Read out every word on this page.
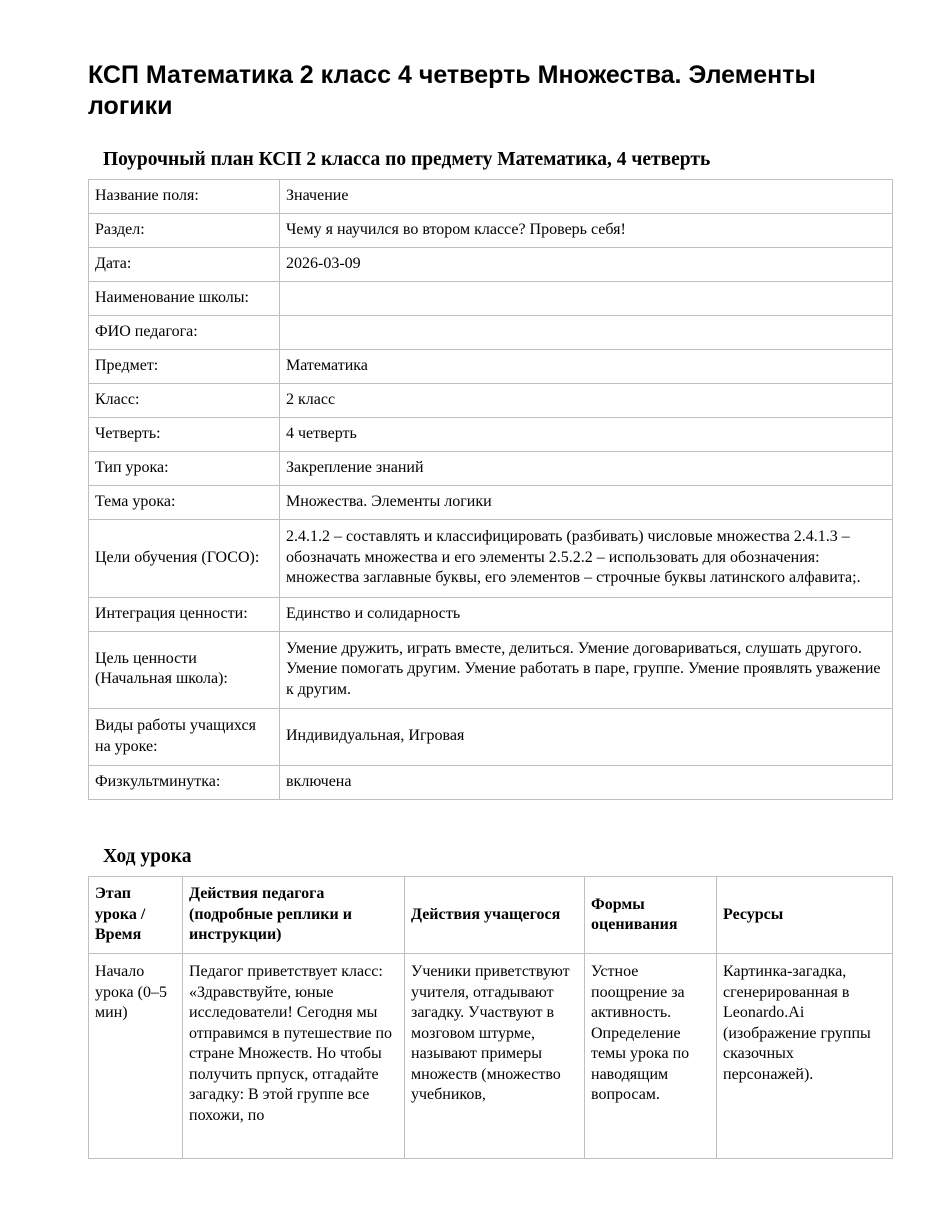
КСП Математика 2 класс 4 четверть Множества. Элементы логики
Поурочный план КСП 2 класса по предмету Математика, 4 четверть
Название поля:	Значение
Раздел:	Чему я научился во втором классе? Проверь себя!
Дата:	2026-03-09
Наименование школы:	
ФИО педагога:	
Предмет:	Математика
Класс:	2 класс
Четверть:	4 четверть
Тип урока:	Закрепление знаний
Тема урока:	Множества. Элементы логики
Цели обучения (ГОСО):	2.4.1.2 – составлять и классифицировать (разбивать) числовые множества 2.4.1.3 – обозначать множества и его элементы 2.5.2.2 – использовать для обозначения: множества заглавные буквы, его элементов – строчные буквы латинского алфавита;.
Интеграция ценности:	Единство и солидарность
Цель ценности (Начальная школа):	Умение дружить, играть вместе, делиться. Умение договариваться, слушать другого. Умение помогать другим. Умение работать в паре, группе. Умение проявлять уважение к другим.
Виды работы учащихся на уроке:	Индивидуальная, Игровая
Физкультминутка:	включена
Ход урока
Этап урока / Время	Действия педагога (подробные реплики и инструкции)	Действия учащегося	Формы оценивания	Ресурсы

Начало урока (0–5 мин)	Педагог приветствует класс: «Здравствуйте, юные исследователи! Сегодня мы отправимся в путешествие по стране Множеств. Но чтобы получить прпуск, отгадайте загадку: В этой группе все похожи, по	Ученики приветствуют учителя, отгадывают загадку. Участвуют в мозговом штурме, называют примеры множеств (множество учебников,	Устное поощрение за активность. Определение темы урока по наводящим вопросам.	Картинка-загадка, сгенерированная в Leonardo.Ai (изображение группы сказочных персонажей).
